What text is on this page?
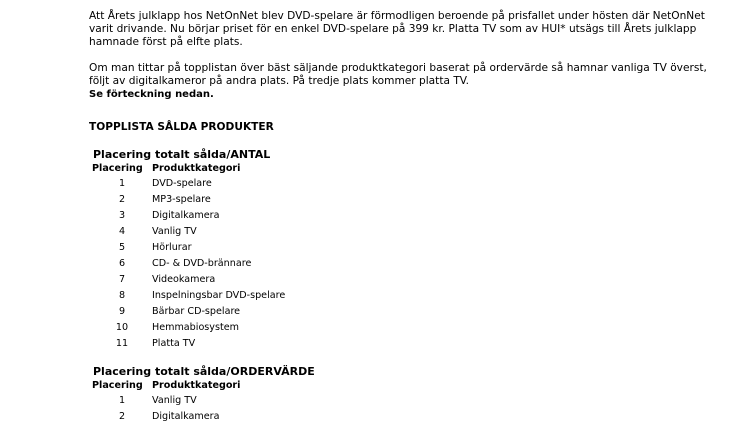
Att Årets julklapp hos NetOnNet blev DVD-spelare är förmodligen beroende på prisfallet under hösten där NetOnNet varit drivande. Nu börjar priset för en enkel DVD-spelare på 399 kr. Platta TV som av HUI* utsägs till Årets julklapp hamnade först på elfte plats.

Om man tittar på topplistan över bäst säljande produktkategori baserat på ordervärde så hamnar vanliga TV överst, följt av digitalkameror på andra plats. På tredje plats kommer platta TV.
Se förteckning nedan.

TOPPLISTA SÅLDA PRODUKTER
Placering totalt sålda/ANTAL
Placering	Produktkategori
1	DVD-spelare
2	MP3-spelare
3	Digitalkamera
4	Vanlig TV
5	Hörlurar
6	CD- & DVD-brännare
7	Videokamera
8	Inspelningsbar DVD-spelare
9	Bärbar CD-spelare
10	Hemmabiosystem
11	Platta TV
Placering totalt sålda/ORDERVÄRDE
Placering	Produktkategori
1	Vanlig TV
2	Digitalkamera
